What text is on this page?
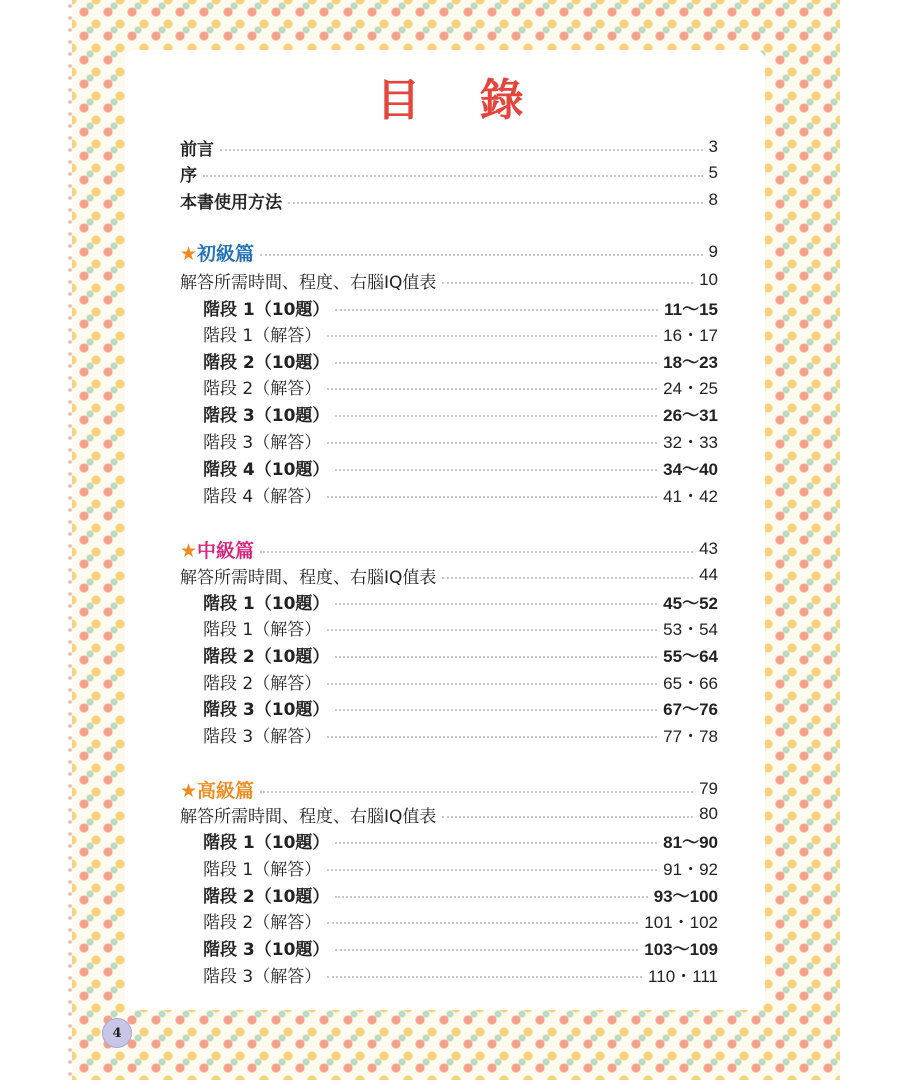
目 錄
前言	3
序	5
本書使用方法	8
★初級篇	9
解答所需時間、程度、右腦IQ值表	10
階段 1（10題）	11〜15
階段 1（解答）	16・17
階段 2（10題）	18〜23
階段 2（解答）	24・25
階段 3（10題）	26〜31
階段 3（解答）	32・33
階段 4（10題）	34〜40
階段 4（解答）	41・42
★中級篇	43
解答所需時間、程度、右腦IQ值表	44
階段 1（10題）	45〜52
階段 1（解答）	53・54
階段 2（10題）	55〜64
階段 2（解答）	65・66
階段 3（10題）	67〜76
階段 3（解答）	77・78
★高級篇	79
解答所需時間、程度、右腦IQ值表	80
階段 1（10題）	81〜90
階段 1（解答）	91・92
階段 2（10題）	93〜100
階段 2（解答）	101・102
階段 3（10題）	103〜109
階段 3（解答）	110・111
4
